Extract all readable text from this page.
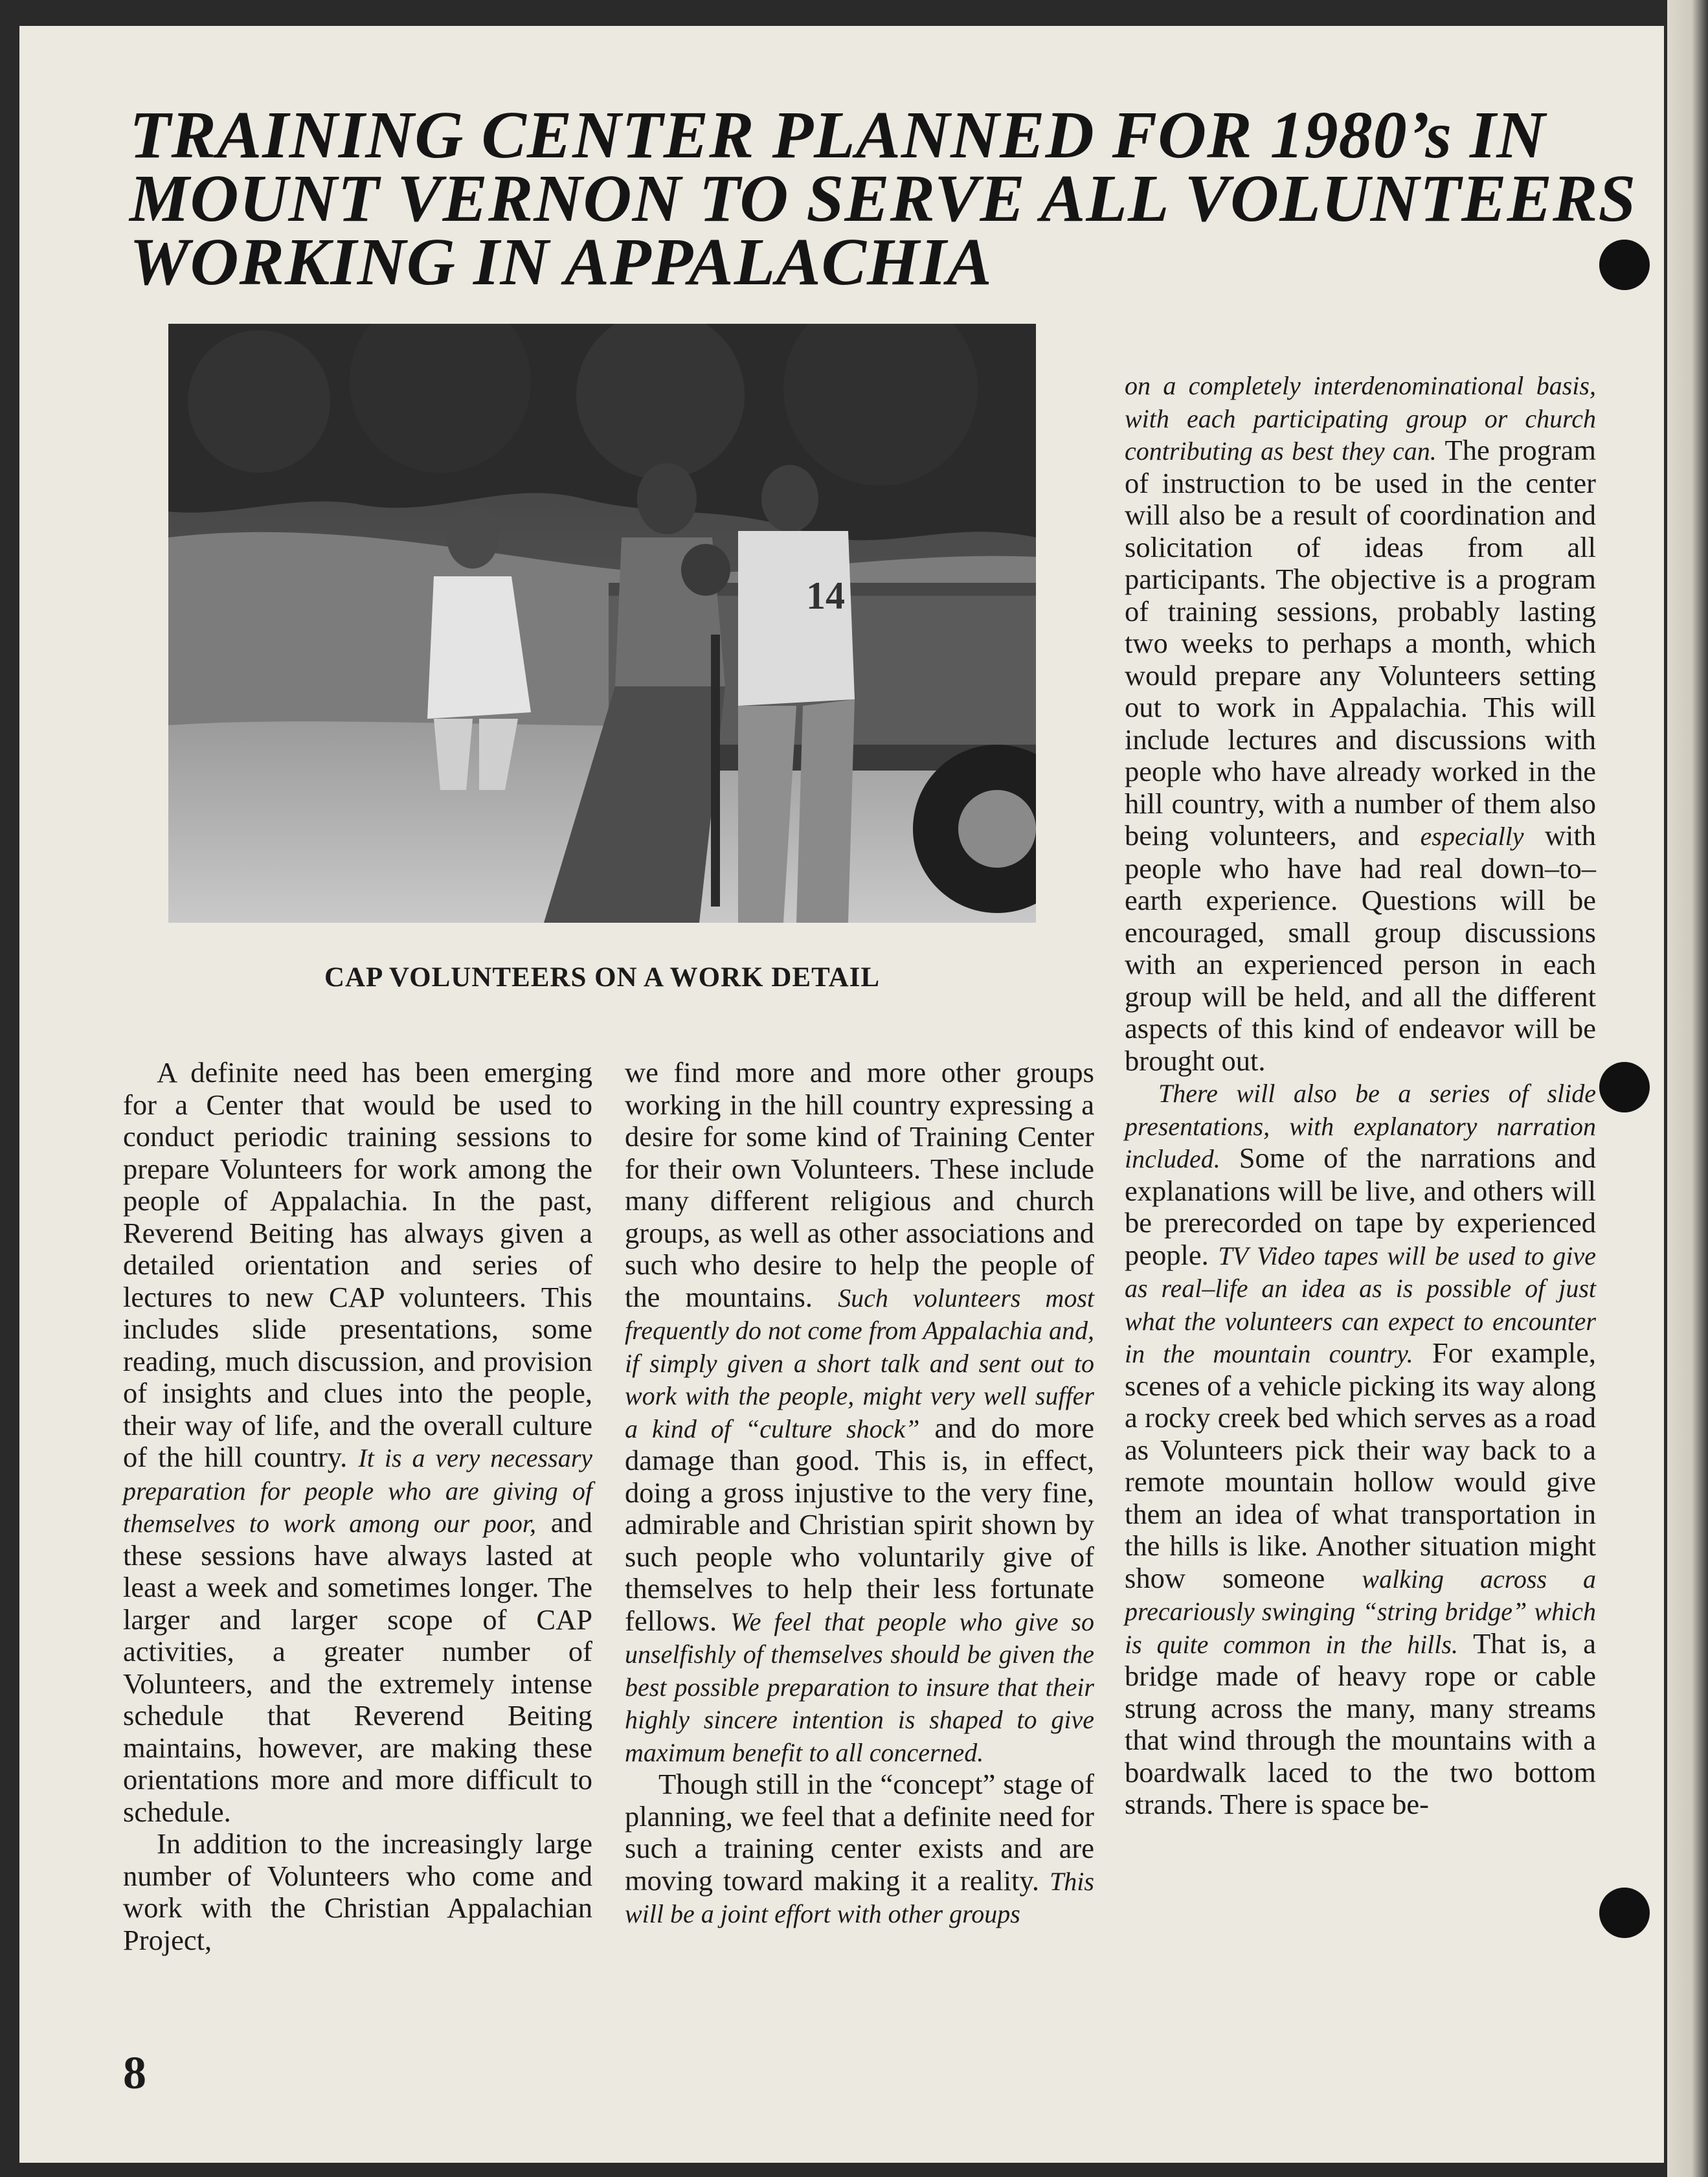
TRAINING CENTER PLANNED FOR 1980’s IN
MOUNT VERNON TO SERVE ALL VOLUNTEERS
WORKING IN APPALACHIA
14

CAP VOLUNTEERS ON A WORK DETAIL

A definite need has been emerging for a Center that would be used to conduct periodic training sessions to prepare Volunteers for work among the people of Appalachia. In the past, Reverend Beiting has always given a detailed orientation and series of lectures to new CAP volunteers. This includes slide presentations, some reading, much discussion, and provision of insights and clues into the people, their way of life, and the overall culture of the hill country. It is a very necessary preparation for people who are giving of themselves to work among our poor, and these sessions have always lasted at least a week and sometimes longer. The larger and larger scope of CAP activities, a greater number of Volunteers, and the extremely intense schedule that Reverend Beiting maintains, however, are making these orientations more and more difficult to schedule.

In addition to the increasingly large number of Volunteers who come and work with the Christian Appalachian Project,

we find more and more other groups working in the hill country expressing a desire for some kind of Training Center for their own Volunteers. These include many different religious and church groups, as well as other associations and such who desire to help the people of the mountains. Such volunteers most frequently do not come from Appalachia and, if simply given a short talk and sent out to work with the people, might very well suffer a kind of “culture shock” and do more damage than good. This is, in effect, doing a gross injustive to the very fine, admirable and Christian spirit shown by such people who voluntarily give of themselves to help their less fortunate fellows. We feel that people who give so unselfishly of themselves should be given the best possible preparation to insure that their highly sincere intention is shaped to give maximum benefit to all concerned.

Though still in the “concept” stage of planning, we feel that a definite need for such a training center exists and are moving toward making it a reality. This will be a joint effort with other groups

on a completely interdenominational basis, with each participating group or church contributing as best they can. The program of instruction to be used in the center will also be a result of coordination and solicitation of ideas from all participants. The objective is a program of training sessions, probably lasting two weeks to perhaps a month, which would prepare any Volunteers setting out to work in Appalachia. This will include lectures and discussions with people who have already worked in the hill country, with a number of them also being volunteers, and especially with people who have had real down–to–earth experience. Questions will be encouraged, small group discussions with an experienced person in each group will be held, and all the different aspects of this kind of endeavor will be brought out.

There will also be a series of slide presentations, with explanatory narration included. Some of the narrations and explanations will be live, and others will be prerecorded on tape by experienced people. TV Video tapes will be used to give as real–life an idea as is possible of just what the volunteers can expect to encounter in the mountain country. For example, scenes of a vehicle picking its way along a rocky creek bed which serves as a road as Volunteers pick their way back to a remote mountain hollow would give them an idea of what transportation in the hills is like. Another situation might show someone walking across a precariously swinging “string bridge” which is quite common in the hills. That is, a bridge made of heavy rope or cable strung across the many, many streams that wind through the mountains with a boardwalk laced to the two bottom strands. There is space be-

8
